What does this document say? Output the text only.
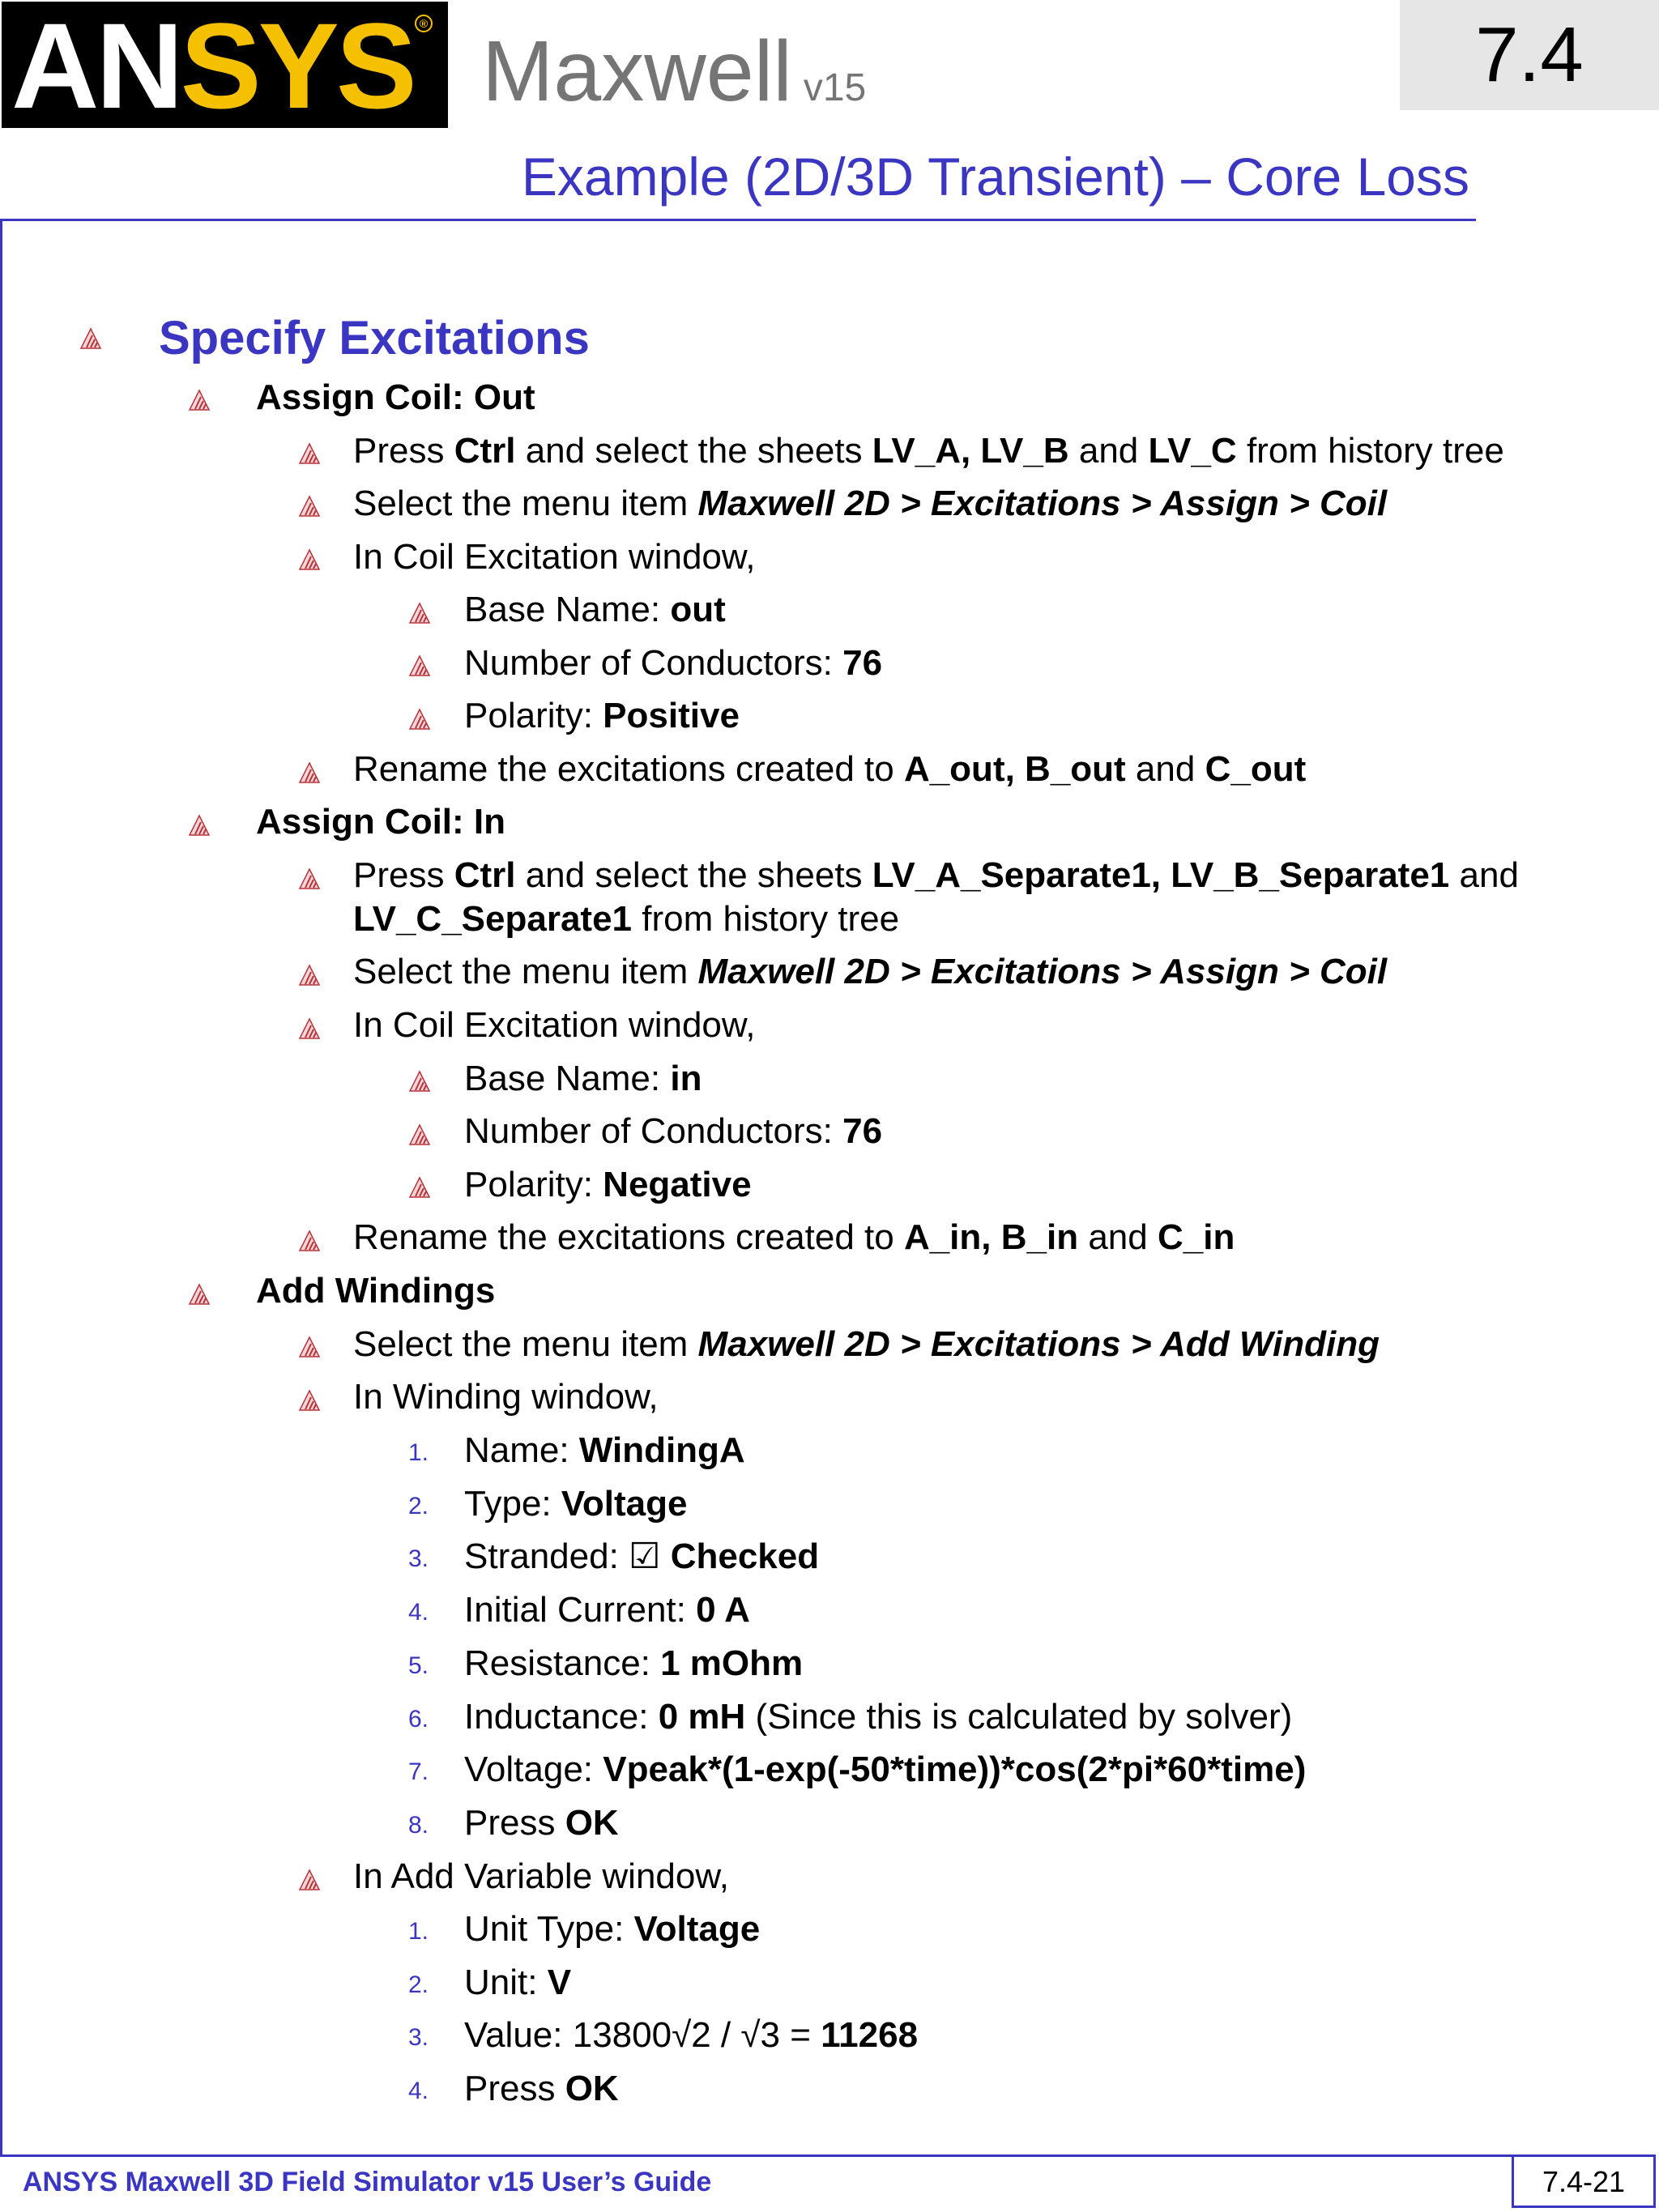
ANSYS ® Maxwell v15	7.4
Example (2D/3D Transient) – Core Loss
Specify Excitations
Assign Coil: Out
Press Ctrl and select the sheets LV_A, LV_B and LV_C from history tree
Select the menu item Maxwell 2D > Excitations > Assign > Coil
In Coil Excitation window,
Base Name: out
Number of Conductors: 76
Polarity: Positive
Rename the excitations created to A_out, B_out and C_out
Assign Coil: In
Press Ctrl and select the sheets LV_A_Separate1, LV_B_Separate1 and
LV_C_Separate1 from history tree
Select the menu item Maxwell 2D > Excitations > Assign > Coil
In Coil Excitation window,
Base Name: in
Number of Conductors: 76
Polarity: Negative
Rename the excitations created to A_in, B_in and C_in
Add Windings
Select the menu item Maxwell 2D > Excitations > Add Winding
In Winding window,
1. Name: WindingA
2. Type: Voltage
3. Stranded: ☑ Checked
4. Initial Current: 0 A
5. Resistance: 1 mOhm
6. Inductance: 0 mH (Since this is calculated by solver)
7. Voltage: Vpeak*(1-exp(-50*time))*cos(2*pi*60*time)
8. Press OK
In Add Variable window,
1. Unit Type: Voltage
2. Unit: V
3. Value: 13800√2 / √3 = 11268
4. Press OK
ANSYS Maxwell 3D Field Simulator v15 User’s Guide	7.4-21
